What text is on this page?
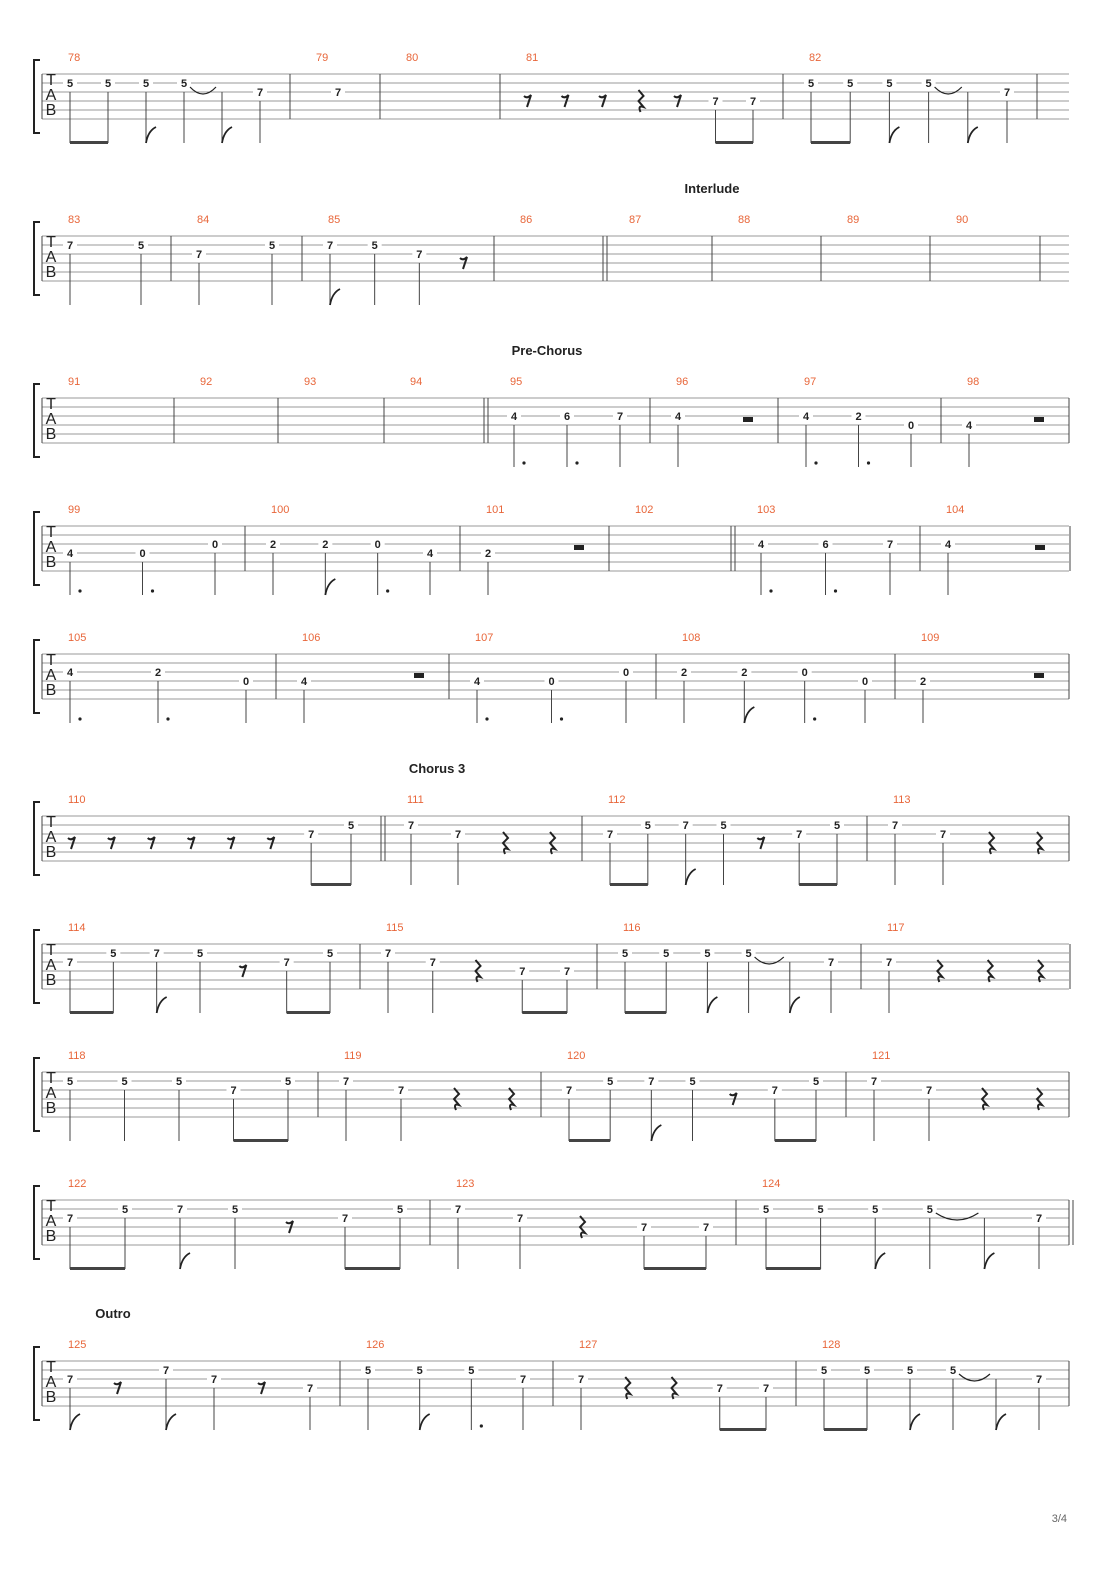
T
A
B
78
5	5	5	5
7
79
7
80	81
7	7
82
5	5	5	5
7
Interlude
T
A
B
83
7	5
84
7
5
85
7	5
7
86	87	88	89	90
Pre-Chorus
T
A
B
91	92	93	94	95
4	6	7
96
4
97
4	2
0
98
4
T
A
B
99
4	0
0
100
2	2	0
4
101
2
102	103
4	6	7
104
4
T
A
B
105
4	2
0
106
4
107
4	0
0
108
2	2	0
0
109
2
Chorus 3
T
A
B
110
7
5
111
7
7
112
7
5	7	5
7
5
113
7
7
T
A
B
114
7
5	7	5
7
5
115
7
7
7	7
116
5	5	5	5
7
117
7
T
A
B
118
5	5	5
7
5
119
7
7
120
7
5	7	5
7
5
121
7
7
T
A
B
122
7
5	7	5
7
5
123
7
7
7	7
124
5	5	5	5
7
Outro
T
A
B
125
7
7
7
7
126
5	5	5
7
127
7
7	7
128
5	5	5	5
7
3/4
